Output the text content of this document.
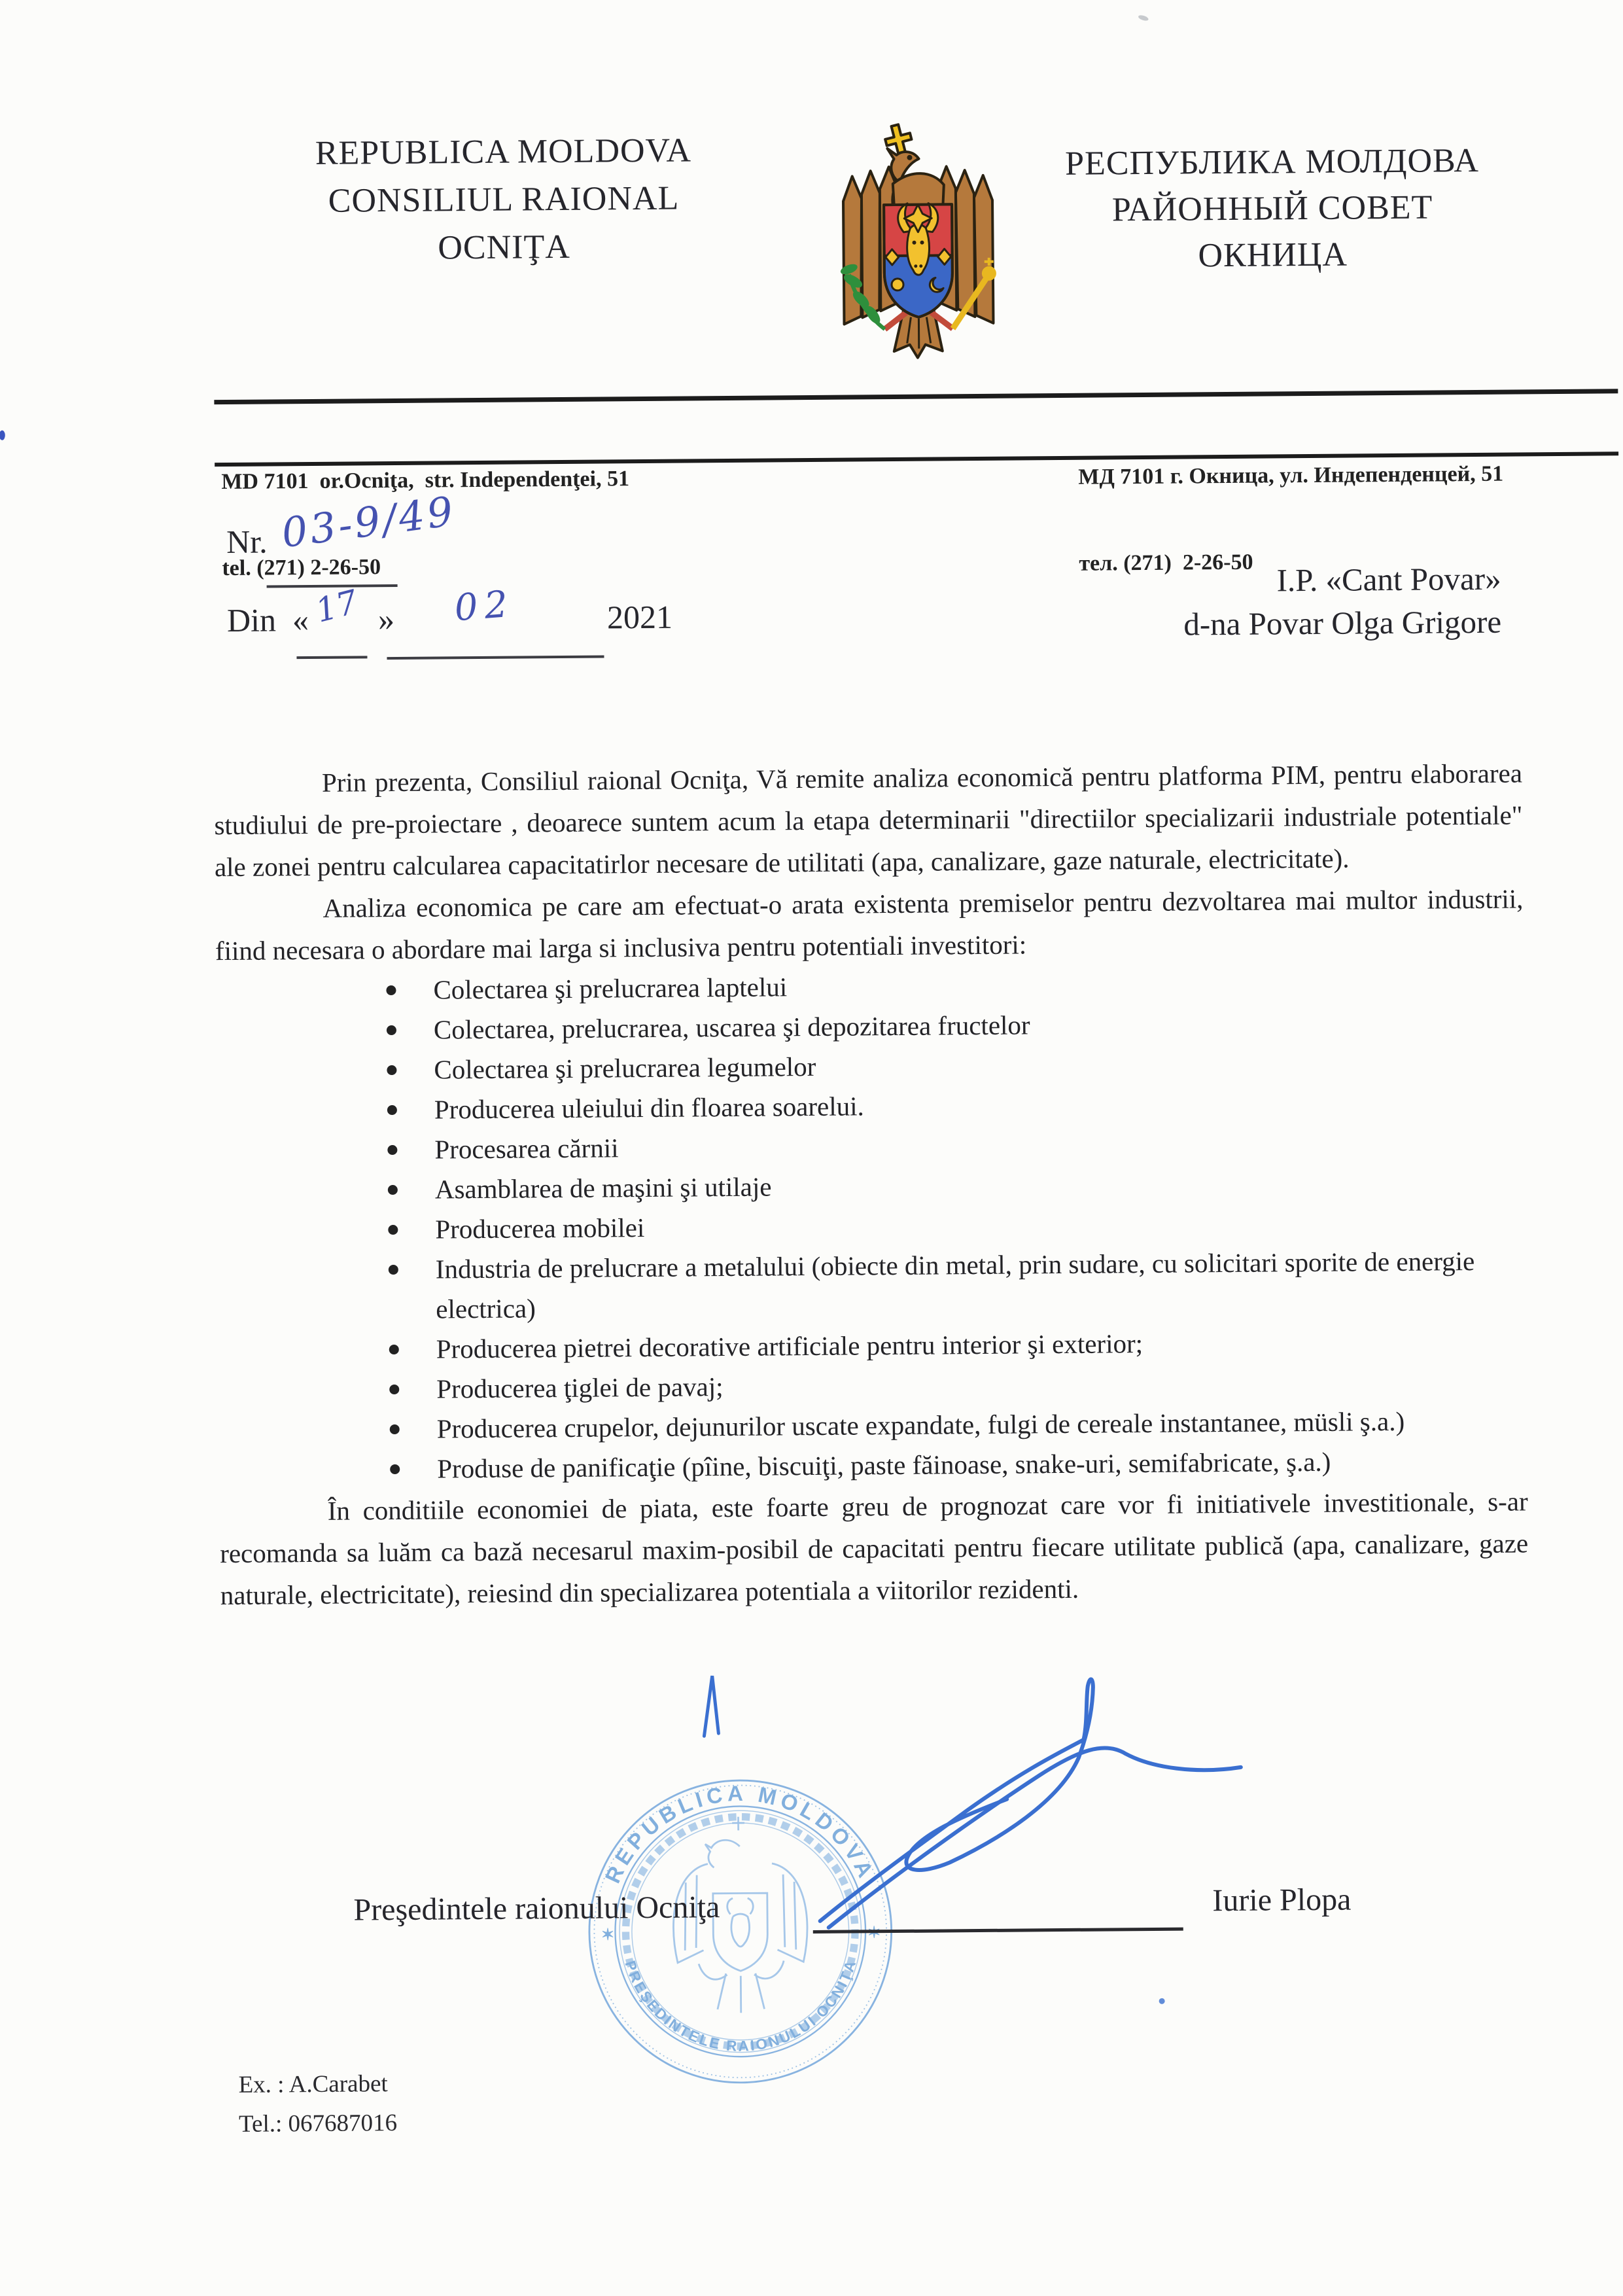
REPUBLICA MOLDOVA
CONSILIUL RAIONAL
OCNIŢA
РЕСПУБЛИКА МОЛДОВА
РАЙОННЫЙ СОВЕТ
ОКНИЦА

MD 7101  or.Ocniţa,  str. Independenţei, 51

tel. (271) 2-26-50

МД 7101 г. Окница, ул. Индепенденцей, 51

тел. (271)  2-26-50

Nr. 03-9/49
Din « 17 » 02	2021
I.P. «Cant Povar»
d-na Povar Olga Grigore

Prin prezenta, Consiliul raional Ocniţa, Vă remite analiza economică pentru platforma PIM, pentru elaborarea studiului de pre-proiectare , deoarece suntem acum la etapa determinarii "directiilor specializarii industriale potentiale" ale zonei pentru calcularea capacitatirlor necesare de utilitati (apa, canalizare, gaze naturale, electricitate).

Analiza economica pe care am efectuat-o arata existenta premiselor pentru dezvoltarea mai multor industrii, fiind necesara o abordare mai larga si inclusiva pentru potentiali investitori:

Colectarea şi prelucrarea laptelui
Colectarea, prelucrarea, uscarea şi depozitarea fructelor
Colectarea şi prelucrarea legumelor
Producerea uleiului din floarea soarelui.
Procesarea cărnii
Asamblarea de maşini şi utilaje
Producerea mobilei
Industria de prelucrare a metalului (obiecte din metal, prin sudare, cu solicitari sporite de energie electrica)
Producerea pietrei decorative artificiale pentru interior şi exterior;
Producerea ţiglei de pavaj;
Producerea crupelor, dejunurilor uscate expandate, fulgi de cereale instantanee, müsli ş.a.)
Produse de panificaţie (pîine, biscuiţi, paste făinoase, snake-uri, semifabricate, ş.a.)

În conditiile economiei de piata, este foarte greu de prognozat care vor fi initiativele investitionale, s-ar recomanda sa luăm ca bază necesarul maxim-posibil de capacitati pentru fiecare utilitate publică (apa, canalizare, gaze naturale, electricitate), reiesind din specializarea potentiala a viitorilor rezidenti.

REPUBLICA MOLDOVA
PREŞEDINTELE RAIONULUI OCNIŢA
✶
Preşedintele raionului Ocniţa	Iurie Plopa
Ex. : A.Carabet
Tel.: 067687016
